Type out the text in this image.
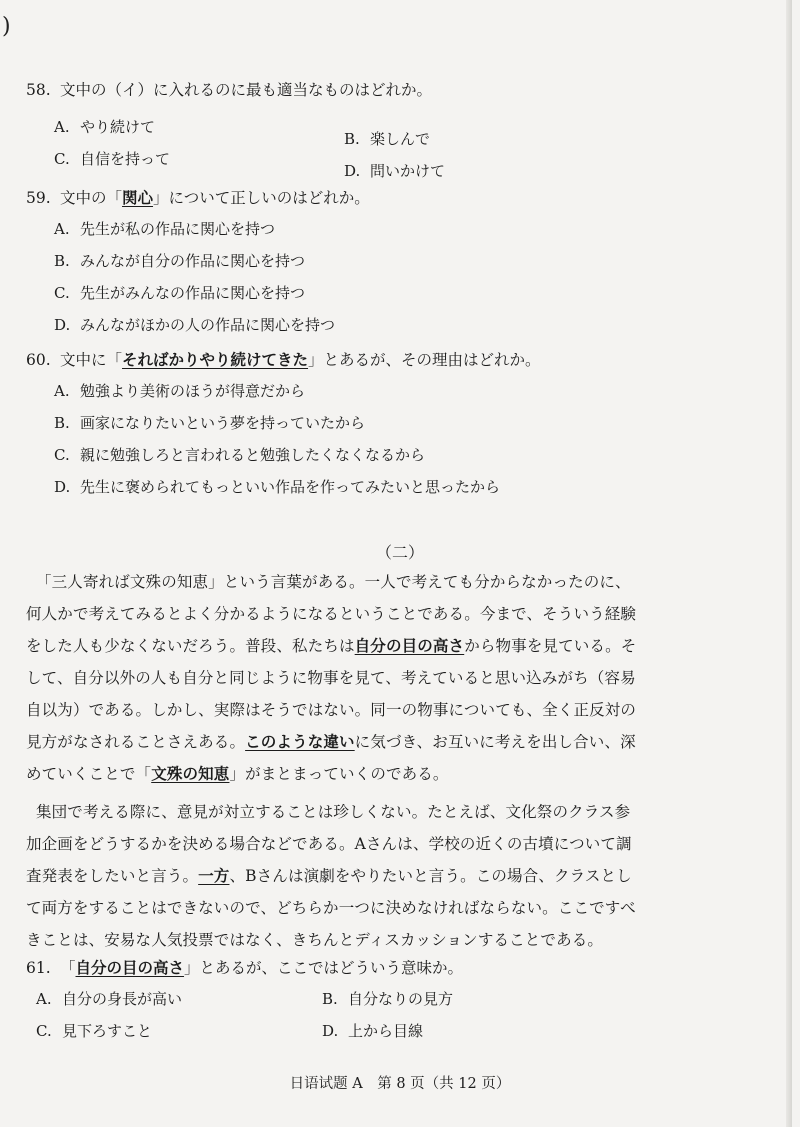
)
58. 文中の（イ）に入れるのに最も適当なものはどれか。
A. やり続けて
B. 楽しんで
C. 自信を持って
D. 問いかけて
59. 文中の「関心」について正しいのはどれか。
A. 先生が私の作品に関心を持つ
B. みんなが自分の作品に関心を持つ
C. 先生がみんなの作品に関心を持つ
D. みんながほかの人の作品に関心を持つ
60. 文中に「そればかりやり続けてきた」とあるが、その理由はどれか。
A. 勉強より美術のほうが得意だから
B. 画家になりたいという夢を持っていたから
C. 親に勉強しろと言われると勉強したくなくなるから
D. 先生に褒められてもっといい作品を作ってみたいと思ったから
（二）
「三人寄れば文殊の知恵」という言葉がある。一人で考えても分からなかったのに、
何人かで考えてみるとよく分かるようになるということである。今まで、そういう経験
をした人も少なくないだろう。普段、私たちは自分の目の高さから物事を見ている。そ
して、自分以外の人も自分と同じように物事を見て、考えていると思い込みがち（容易
自以为）である。しかし、実際はそうではない。同一の物事についても、全く正反対の
見方がなされることさえある。このような違いに気づき、お互いに考えを出し合い、深
めていくことで「文殊の知恵」がまとまっていくのである。
集団で考える際に、意見が対立することは珍しくない。たとえば、文化祭のクラス参
加企画をどうするかを決める場合などである。Aさんは、学校の近くの古墳について調
査発表をしたいと言う。一方、Bさんは演劇をやりたいと言う。この場合、クラスとし
て両方をすることはできないので、どちらか一つに決めなければならない。ここですべ
きことは、安易な人気投票ではなく、きちんとディスカッションすることである。
61. 「自分の目の高さ」とあるが、ここではどういう意味か。
A. 自分の身長が高い	B. 自分なりの見方
C. 見下ろすこと	D. 上から目線
日语试题 A　第 8 页（共 12 页）
